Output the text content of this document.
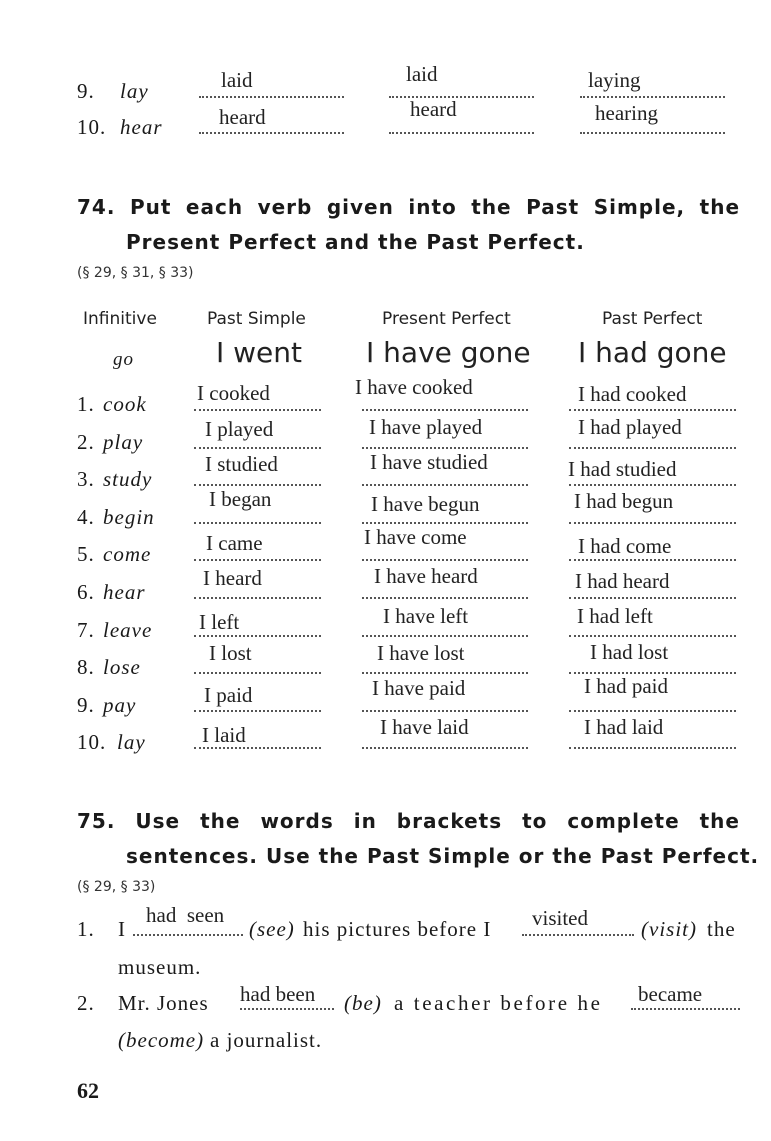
9. lay	laid	laid	laying
10. hear	heard	heard	hearing
74. Put each verb given into the Past Simple, the
Present Perfect and the Past Perfect.
(§ 29, § 31, § 33)
Infinitive	Past Simple	Present Perfect	Past Perfect
go	I went I have gone I had gone
1. cook I cooked	I have cooked	I had cooked
2. play
I played	I have played	I had played
3. study
I studied	I have studied	I had studied
4. begin
I began	I have begun	I had begun
5. come	I came	I have come	I had come
6. hear
I heard	I have heard	I had heard
7. leave I left	I have left	I had left
8. lose
I lost	I have lost	I had lost
9. pay	I paid	I have paid	I had paid
10. lay	I laid	I have laid	I had laid
75. Use the words in brackets to complete the
sentences. Use the Past Simple or the Past Perfect.
(§ 29, § 33)
1. I
had  seen
(see) his pictures before I visited	(visit) the
museum.
2. Mr. Jones had been (be) a teacher before he became
(become) a journalist.
62
